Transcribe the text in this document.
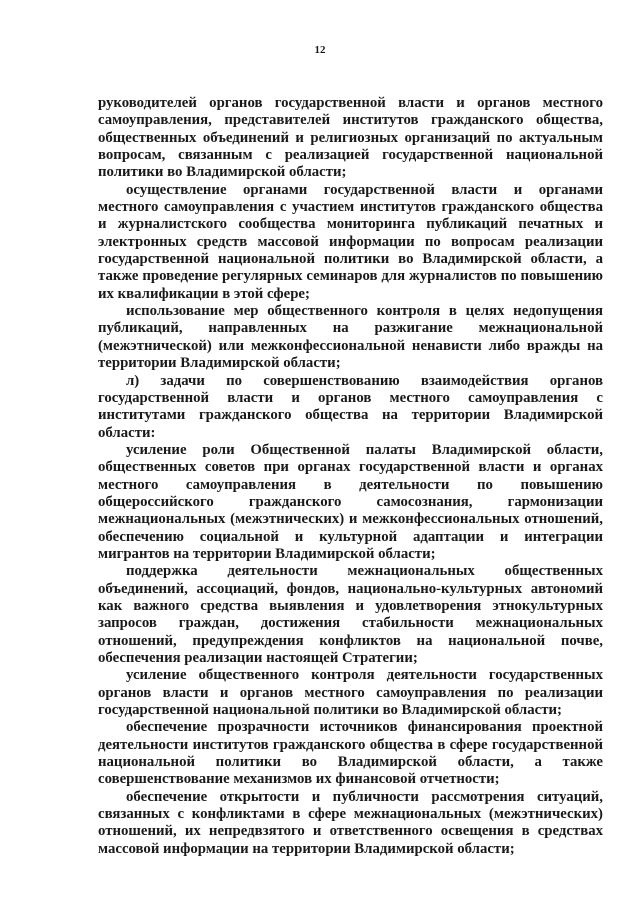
12

руководителей органов государственной власти и органов местного самоуправления, представителей институтов гражданского общества, общественных объединений и религиозных организаций по актуальным вопросам, связанным с реализацией государственной национальной политики во Владимирской области;

осуществление органами государственной власти и органами местного самоуправления с участием институтов гражданского общества и журналистского сообщества мониторинга публикаций печатных и электронных средств массовой информации по вопросам реализации государственной национальной политики во Владимирской области, а также проведение регулярных семинаров для журналистов по повышению их квалификации в этой сфере;

использование мер общественного контроля в целях недопущения публикаций, направленных на разжигание межнациональной (межэтнической) или межконфессиональной ненависти либо вражды на территории Владимирской области;

л) задачи по совершенствованию взаимодействия органов государственной власти и органов местного самоуправления с институтами гражданского общества на территории Владимирской области:

усиление роли Общественной палаты Владимирской области, общественных советов при органах государственной власти и органах местного самоуправления в деятельности по повышению общероссийского гражданского самосознания, гармонизации межнациональных (межэтнических) и межконфессиональных отношений, обеспечению социальной и культурной адаптации и интеграции мигрантов на территории Владимирской области;

поддержка деятельности межнациональных общественных объединений, ассоциаций, фондов, национально-культурных автономий как важного средства выявления и удовлетворения этнокультурных запросов граждан, достижения стабильности межнациональных отношений, предупреждения конфликтов на национальной почве, обеспечения реализации настоящей Стратегии;

усиление общественного контроля деятельности государственных органов власти и органов местного самоуправления по реализации государственной национальной политики во Владимирской области;

обеспечение прозрачности источников финансирования проектной деятельности институтов гражданского общества в сфере государственной национальной политики во Владимирской области, а также совершенствование механизмов их финансовой отчетности;

обеспечение открытости и публичности рассмотрения ситуаций, связанных с конфликтами в сфере межнациональных (межэтнических) отношений, их непредвзятого и ответственного освещения в средствах массовой информации на территории Владимирской области;
